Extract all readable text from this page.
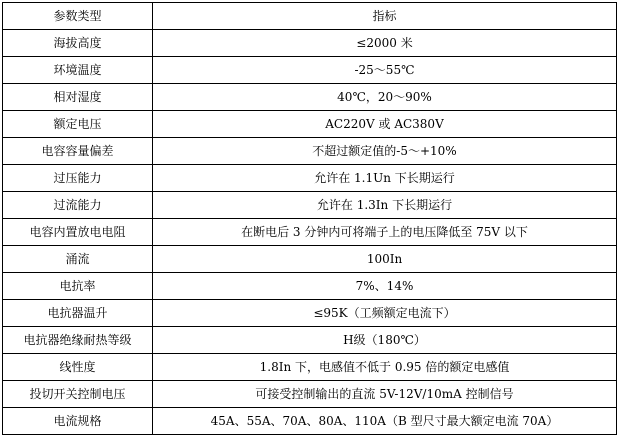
参数类型	指标
海拔高度	≤2000 米
环境温度	-25～55℃
相对湿度	40℃，20～90%
额定电压	AC220V 或 AC380V
电容容量偏差	不超过额定值的-5～+10%
过压能力	允许在 1.1Un 下长期运行
过流能力	允许在 1.3In 下长期运行
电容内置放电电阻	在断电后 3 分钟内可将端子上的电压降低至 75V 以下
涌流	100In
电抗率	7%、14%
电抗器温升	≤95K（工频额定电流下）
电抗器绝缘耐热等级	H级（180℃）
线性度	1.8In 下，电感值不低于 0.95 倍的额定电感值
投切开关控制电压	可接受控制输出的直流 5V-12V/10mA 控制信号
电流规格	45A、55A、70A、80A、110A（B 型尺寸最大额定电流 70A）
